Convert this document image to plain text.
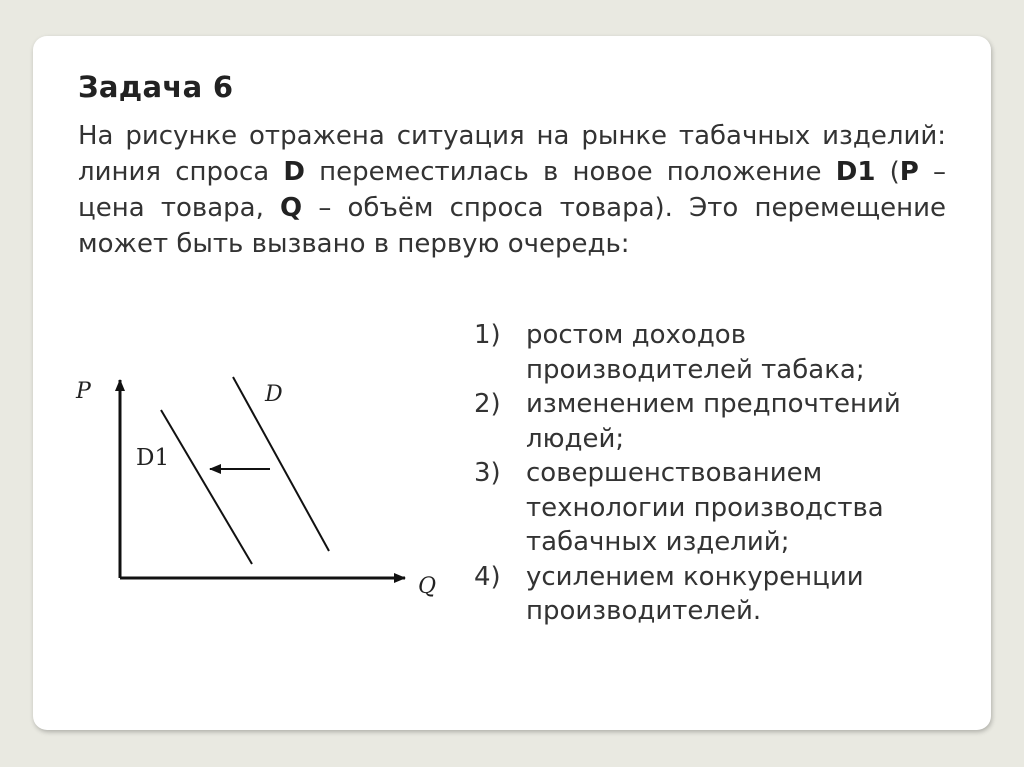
Задача 6

На рисунке отражена ситуация на рынке табачных изделий: линия спроса D переместилась в новое положение D1 (P – цена товара, Q – объём спроса товара). Это перемещение может быть вызвано в первую очередь:

P
Q
D
D1
1) ростом доходов производителей табака;
2) изменением предпочтений людей;
3) совершенствованием технологии производства табачных изделий;
4) усилением конкуренции производителей.
